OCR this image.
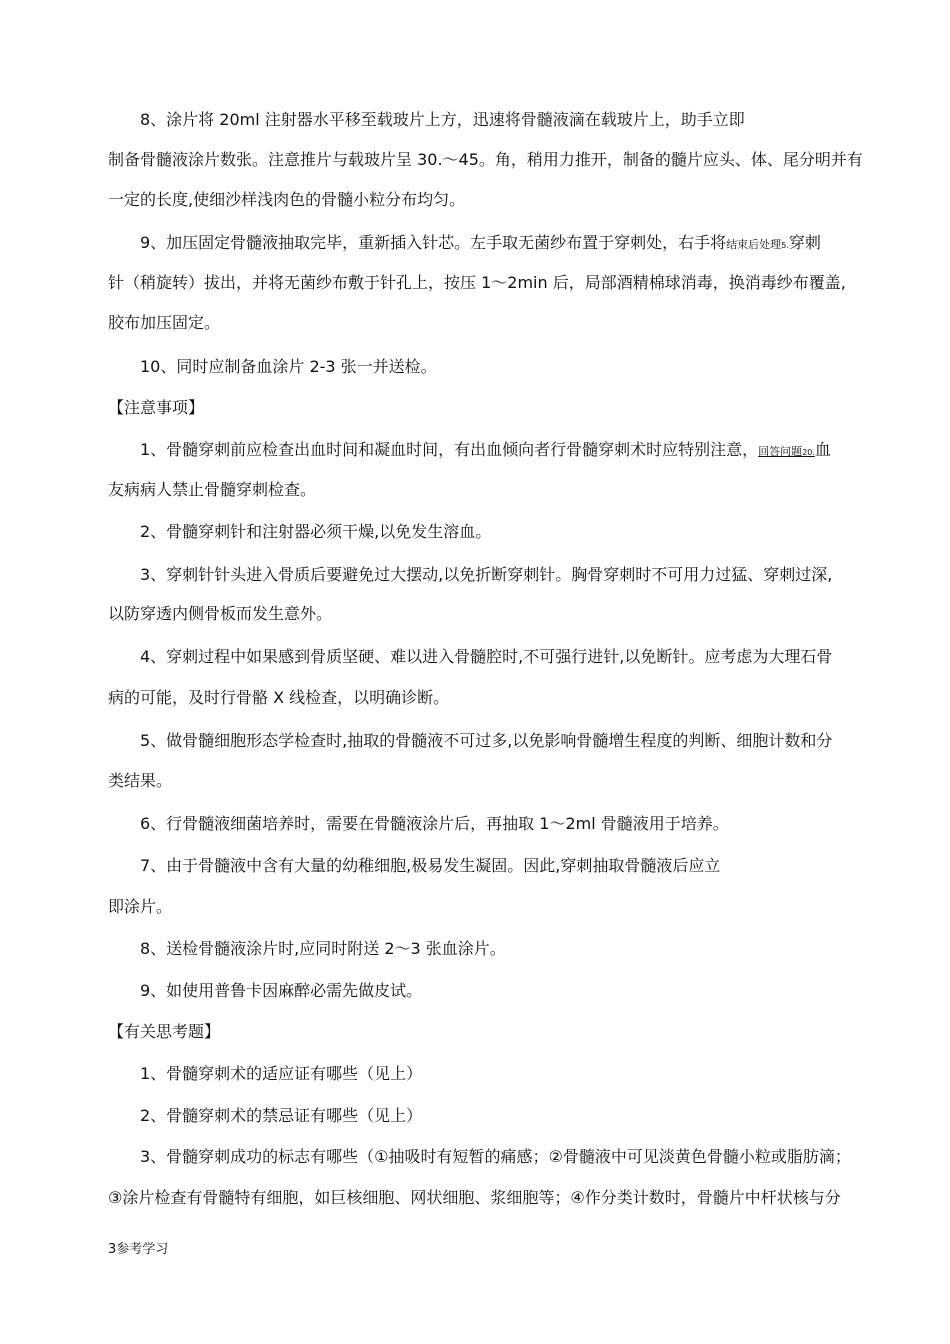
8、涂片将 20ml 注射器水平移至载玻片上方，迅速将骨髓液滴在载玻片上，助手立即
制备骨髓液涂片数张。注意推片与载玻片呈 30.～45。角，稍用力推开，制备的髓片应头、体、尾分明并有
一定的长度,使细沙样浅肉色的骨髓小粒分布均匀。
9、加压固定骨髓液抽取完毕，重新插入针芯。左手取无菌纱布置于穿刺处，右手将结束后处理5.穿刺
针（稍旋转）拔出，并将无菌纱布敷于针孔上，按压 1～2min 后，局部酒精棉球消毒，换消毒纱布覆盖,
胶布加压固定。
10、同时应制备血涂片 2-3 张一并送检。
【注意事项】
1、骨髓穿刺前应检查出血时间和凝血时间，有出血倾向者行骨髓穿刺术时应特别注意，回答问题20.血
友病病人禁止骨髓穿刺检查。
2、骨髓穿刺针和注射器必须干燥,以免发生溶血。
3、穿刺针针头进入骨质后要避免过大摆动,以免折断穿刺针。胸骨穿刺时不可用力过猛、穿刺过深,
以防穿透内侧骨板而发生意外。
4、穿刺过程中如果感到骨质坚硬、难以进入骨髓腔时,不可强行进针,以免断针。应考虑为大理石骨
病的可能，及时行骨骼 X 线检查，以明确诊断。
5、做骨髓细胞形态学检查时,抽取的骨髓液不可过多,以免影响骨髓增生程度的判断、细胞计数和分
类结果。
6、行骨髓液细菌培养时，需要在骨髓液涂片后，再抽取 1～2ml 骨髓液用于培养。
7、由于骨髓液中含有大量的幼稚细胞,极易发生凝固。因此,穿刺抽取骨髓液后应立
即涂片。
8、送检骨髓液涂片时,应同时附送 2～3 张血涂片。
9、如使用普鲁卡因麻醉必需先做皮试。
【有关思考题】
1、骨髓穿刺术的适应证有哪些（见上）
2、骨髓穿刺术的禁忌证有哪些（见上）
3、骨髓穿刺成功的标志有哪些（①抽吸时有短暂的痛感；②骨髓液中可见淡黄色骨髓小粒或脂肪滴；
③涂片检查有骨髓特有细胞，如巨核细胞、网状细胞、浆细胞等；④作分类计数时，骨髓片中杆状核与分
3参考学习
